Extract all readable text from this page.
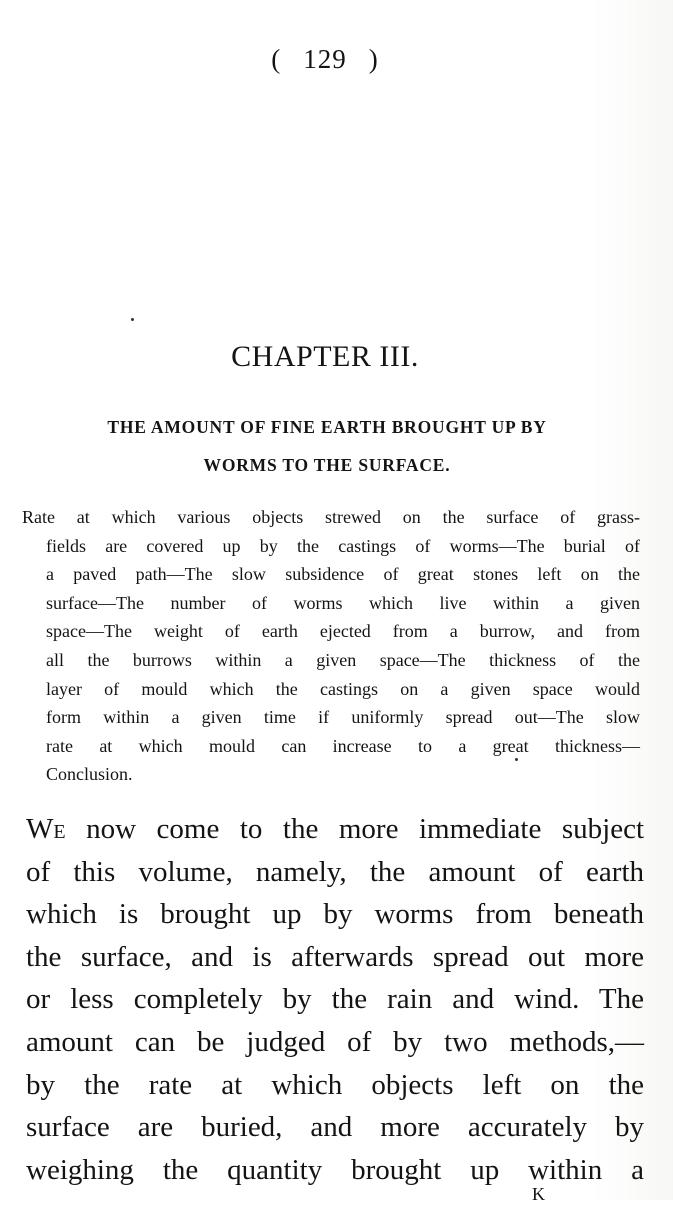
( 129 )
CHAPTER III.
THE AMOUNT OF FINE EARTH BROUGHT UP BY
WORMS TO THE SURFACE.
Rate at which various objects strewed on the surface of grass-
fields are covered up by the castings of worms—The burial of
a paved path—The slow subsidence of great stones left on the
surface—The number of worms which live within a given
space—The weight of earth ejected from a burrow, and from
all the burrows within a given space—The thickness of the
layer of mould which the castings on a given space would
form within a given time if uniformly spread out—The slow
rate at which mould can increase to a great thickness—
Conclusion.
We now come to the more immediate subject
of this volume, namely, the amount of earth
which is brought up by worms from beneath
the surface, and is afterwards spread out more
or less completely by the rain and wind. The
amount can be judged of by two methods,—
by the rate at which objects left on the
surface are buried, and more accurately by
weighing the quantity brought up within a
K
